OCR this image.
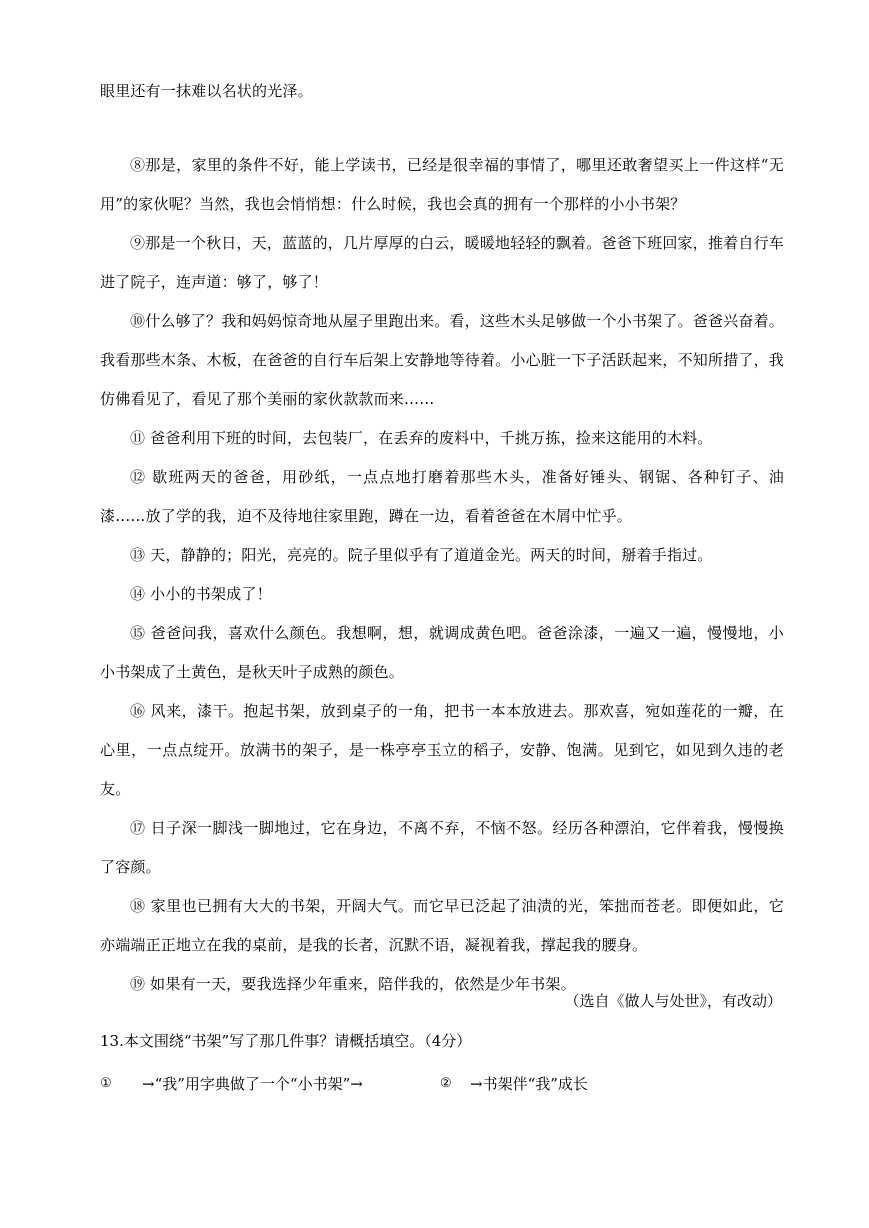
眼里还有一抹难以名状的光泽。

⑧那是，家里的条件不好，能上学读书，已经是很幸福的事情了，哪里还敢奢望买上一件这样“无用”的家伙呢？当然，我也会悄悄想：什么时候，我也会真的拥有一个那样的小小书架？

⑨那是一个秋日，天，蓝蓝的，几片厚厚的白云，暖暖地轻轻的飘着。爸爸下班回家，推着自行车进了院子，连声道：够了，够了！

⑩什么够了？我和妈妈惊奇地从屋子里跑出来。看，这些木头足够做一个小书架了。爸爸兴奋着。我看那些木条、木板，在爸爸的自行车后架上安静地等待着。小心脏一下子活跃起来，不知所措了，我仿佛看见了，看见了那个美丽的家伙款款而来……

⑪ 爸爸利用下班的时间，去包装厂，在丢弃的废料中，千挑万拣，捡来这能用的木料。

⑫ 歇班两天的爸爸，用砂纸，一点点地打磨着那些木头，准备好锤头、钢锯、各种钉子、油漆……放了学的我，迫不及待地往家里跑，蹲在一边，看着爸爸在木屑中忙乎。

⑬ 天，静静的；阳光，亮亮的。院子里似乎有了道道金光。两天的时间，掰着手指过。

⑭ 小小的书架成了！

⑮ 爸爸问我，喜欢什么颜色。我想啊，想，就调成黄色吧。爸爸涂漆，一遍又一遍，慢慢地，小小书架成了土黄色，是秋天叶子成熟的颜色。

⑯ 风来，漆干。抱起书架，放到桌子的一角，把书一本本放进去。那欢喜，宛如莲花的一瓣，在心里，一点点绽开。放满书的架子，是一株亭亭玉立的稻子，安静、饱满。见到它，如见到久违的老友。

⑰ 日子深一脚浅一脚地过，它在身边，不离不弃，不恼不怒。经历各种漂泊，它伴着我，慢慢换了容颜。

⑱ 家里也已拥有大大的书架，开阔大气。而它早已泛起了油渍的光，笨拙而苍老。即便如此，它亦端端正正地立在我的桌前，是我的长者，沉默不语，凝视着我，撑起我的腰身。

⑲ 如果有一天，要我选择少年重来，陪伴我的，依然是少年书架。

（选自《做人与处世》，有改动）
13.本文围绕“书架”写了那几件事？请概括填空。（4分）
① →“我”用字典做了一个“小书架”→	② →书架伴“我”成长
